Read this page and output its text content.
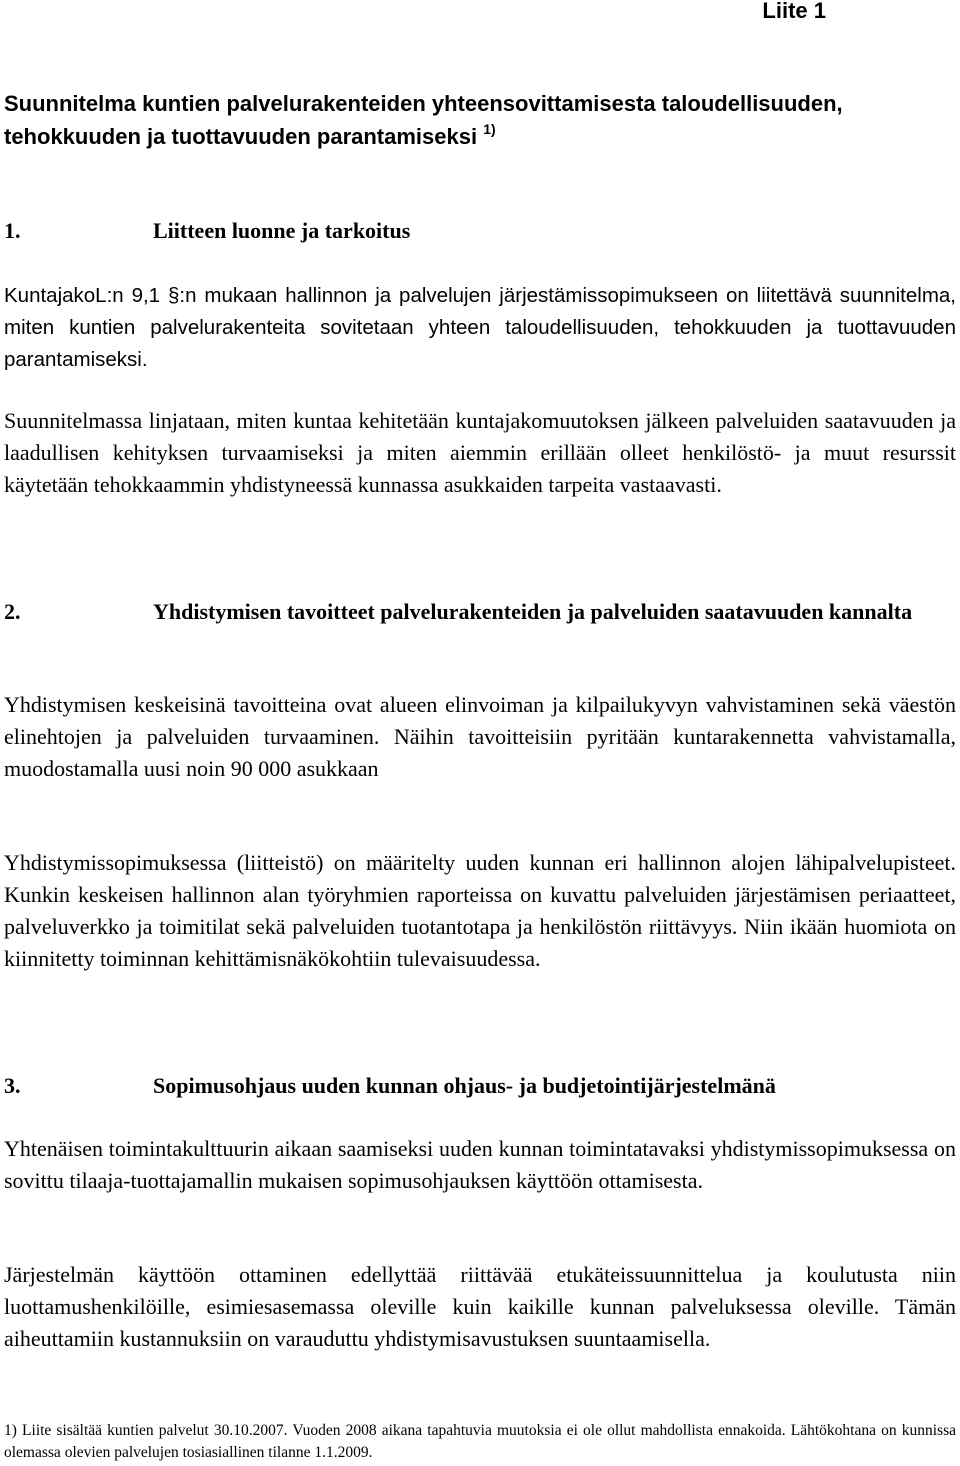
Liite 1
Suunnitelma kuntien palvelurakenteiden yhteensovittamisesta taloudellisuuden, tehokkuuden ja tuottavuuden parantamiseksi $^{1)}$
1.	Liitteen luonne ja tarkoitus
KuntajakoL:n 9,1 §:n mukaan hallinnon ja palvelujen järjestämissopimukseen on liitettävä suunnitelma, miten kuntien palvelurakenteita sovitetaan yhteen taloudellisuuden, tehokkuuden ja tuottavuuden parantamiseksi.
Suunnitelmassa linjataan, miten kuntaa kehitetään kuntajakomuutoksen jälkeen palveluiden saatavuuden ja laadullisen kehityksen turvaamiseksi ja miten aiemmin erillään olleet henkilöstö- ja muut resurssit käytetään tehokkaammin yhdistyneessä kunnassa asukkaiden tarpeita vastaavasti.
2.	Yhdistymisen tavoitteet palvelurakenteiden ja palveluiden saatavuuden kannalta
Yhdistymisen keskeisinä tavoitteina ovat alueen elinvoiman ja kilpailukyvyn vahvistaminen sekä väestön elinehtojen ja palveluiden turvaaminen. Näihin tavoitteisiin pyritään kuntarakennetta vahvistamalla, muodostamalla uusi noin 90 000 asukkaan
Yhdistymissopimuksessa (liitteistö) on määritelty uuden kunnan eri hallinnon alojen lähipalvelupisteet. Kunkin keskeisen hallinnon alan työryhmien raporteissa on kuvattu palveluiden järjestämisen periaatteet, palveluverkko ja toimitilat sekä palveluiden tuotantotapa ja henkilöstön riittävyys. Niin ikään huomiota on kiinnitetty toiminnan kehittämisnäkökohtiin tulevaisuudessa.
3.	Sopimusohjaus uuden kunnan ohjaus- ja budjetointijärjestelmänä
Yhtenäisen toimintakulttuurin aikaan saamiseksi uuden kunnan toimintatavaksi yhdistymissopimuksessa on sovittu tilaaja-tuottajamallin mukaisen sopimusohjauksen käyttöön ottamisesta.
Järjestelmän käyttöön ottaminen edellyttää riittävää etukäteissuunnittelua ja koulutusta niin luottamushenkilöille, esimiesasemassa oleville kuin kaikille kunnan palveluksessa oleville. Tämän aiheuttamiin kustannuksiin on varauduttu yhdistymisavustuksen suuntaamisella.
1) Liite sisältää kuntien palvelut 30.10.2007. Vuoden 2008 aikana tapahtuvia muutoksia ei ole ollut mahdollista ennakoida. Lähtökohtana on kunnissa olemassa olevien palvelujen tosiasiallinen tilanne 1.1.2009.
